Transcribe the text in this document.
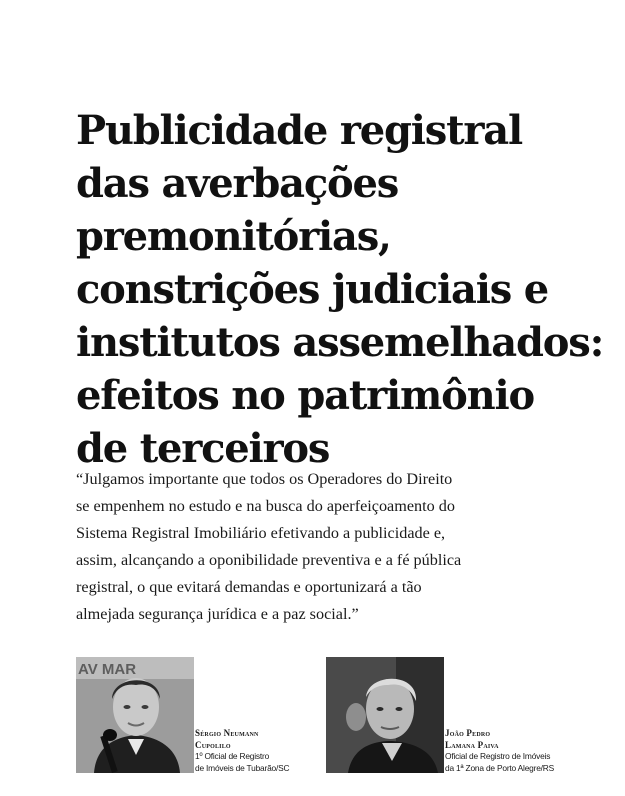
Publicidade registral
das averbações
premonitórias,
constrições judiciais e
institutos assemelhados:
efeitos no patrimônio
de terceiros

“Julgamos importante que todos os Operadores do Direito
se empenhem no estudo e na busca do aperfeiçoamento do
Sistema Registral Imobiliário efetivando a publicidade e,
assim, alcançando a oponibilidade preventiva e a fé pública
registral, o que evitará demandas e oportunizará a tão
almejada segurança jurídica e a paz social.”

AV MAR
Sérgio Neumann
Cupolilo
1º Oficial de Registro
de Imóveis de Tubarão/SC
João Pedro
Lamana Paiva
Oficial de Registro de Imóveis
da 1ª Zona de Porto Alegre/RS
